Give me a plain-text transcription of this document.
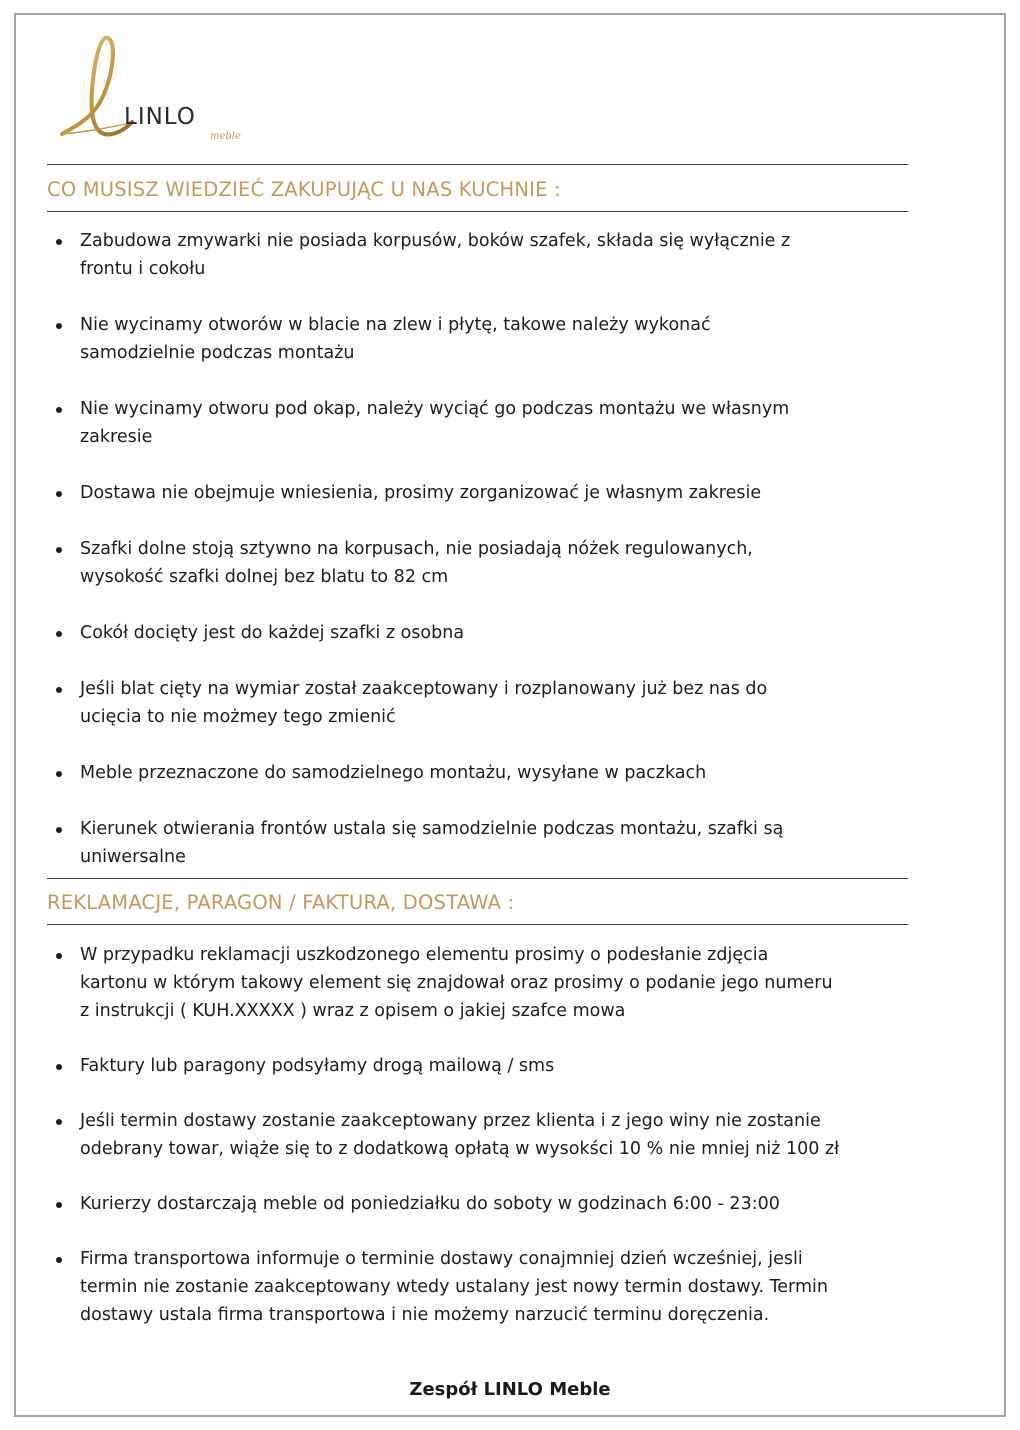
LINLO
meble
CO MUSISZ WIEDZIEĆ ZAKUPUJĄC U NAS KUCHNIE :
Zabudowa zmywarki nie posiada korpusów, boków szafek, składa się wyłącznie z
frontu i cokołu
Nie wycinamy otworów w blacie na zlew i płytę, takowe należy wykonać
samodzielnie podczas montażu
Nie wycinamy otworu pod okap, należy wyciąć go podczas montażu we własnym
zakresie
Dostawa nie obejmuje wniesienia, prosimy zorganizować je własnym zakresie
Szafki dolne stoją sztywno na korpusach, nie posiadają nóżek regulowanych,
wysokość szafki dolnej bez blatu to 82 cm
Cokół docięty jest do każdej szafki z osobna
Jeśli blat cięty na wymiar został zaakceptowany i rozplanowany już bez nas do
ucięcia to nie możmey tego zmienić
Meble przeznaczone do samodzielnego montażu, wysyłane w paczkach
Kierunek otwierania frontów ustala się samodzielnie podczas montażu, szafki są
uniwersalne
REKLAMACJE, PARAGON / FAKTURA, DOSTAWA :
W przypadku reklamacji uszkodzonego elementu prosimy o podesłanie zdjęcia
kartonu w którym takowy element się znajdował oraz prosimy o podanie jego numeru
z instrukcji ( KUH.XXXXX ) wraz z opisem o jakiej szafce mowa
Faktury lub paragony podsyłamy drogą mailową / sms
Jeśli termin dostawy zostanie zaakceptowany przez klienta i z jego winy nie zostanie
odebrany towar, wiąże się to z dodatkową opłatą w wysokści 10 % nie mniej niż 100 zł
Kurierzy dostarczają meble od poniedziałku do soboty w godzinach 6:00 - 23:00
Firma transportowa informuje o terminie dostawy conajmniej dzień wcześniej, jesli
termin nie zostanie zaakceptowany wtedy ustalany jest nowy termin dostawy. Termin
dostawy ustala firma transportowa i nie możemy narzucić terminu doręczenia.
Zespół LINLO Meble
